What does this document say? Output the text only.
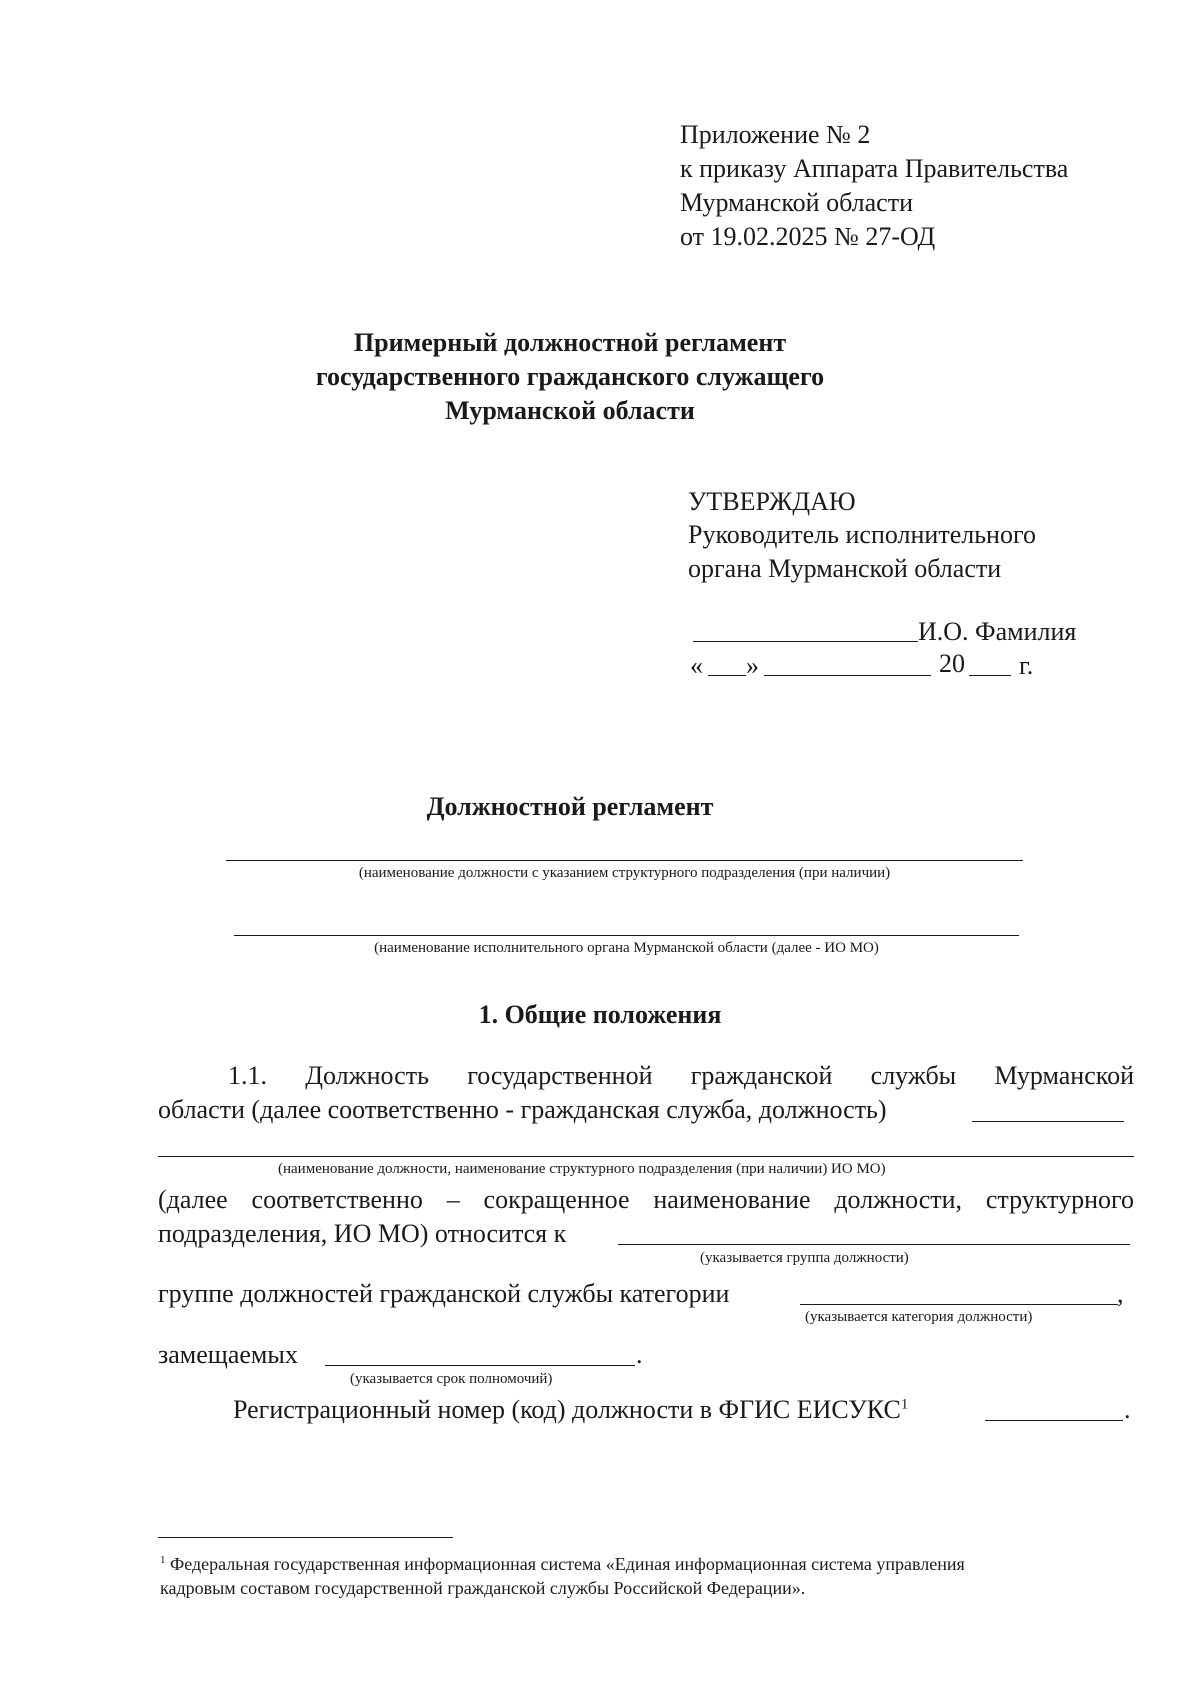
Приложение № 2
к приказу Аппарата Правительства
Мурманской области
от 19.02.2025 № 27-ОД
Примерный должностной регламент
государственного гражданского служащего
Мурманской области
УТВЕРЖДАЮ
Руководитель исполнительного
органа Мурманской области
И.О. Фамилия
« »	20 г.
Должностной регламент
(наименование должности с указанием структурного подразделения (при наличии)
(наименование исполнительного органа Мурманской области (далее - ИО МО)
1. Общие положения
1.1. Должность государственной гражданской службы Мурманской
области (далее соответственно - гражданская служба, должность)
(наименование должности, наименование структурного подразделения (при наличии) ИО МО)
(далее соответственно – сокращенное наименование должности, структурного
подразделения, ИО МО) относится к
(указывается группа должности)
группе должностей гражданской службы категории	,
(указывается категория должности)
замещаемых	.
(указывается срок полномочий)
Регистрационный номер (код) должности в ФГИС ЕИСУКС$^1$	.
$^1$ Федеральная государственная информационная система «Единая информационная система управления
кадровым составом государственной гражданской службы Российской Федерации».
